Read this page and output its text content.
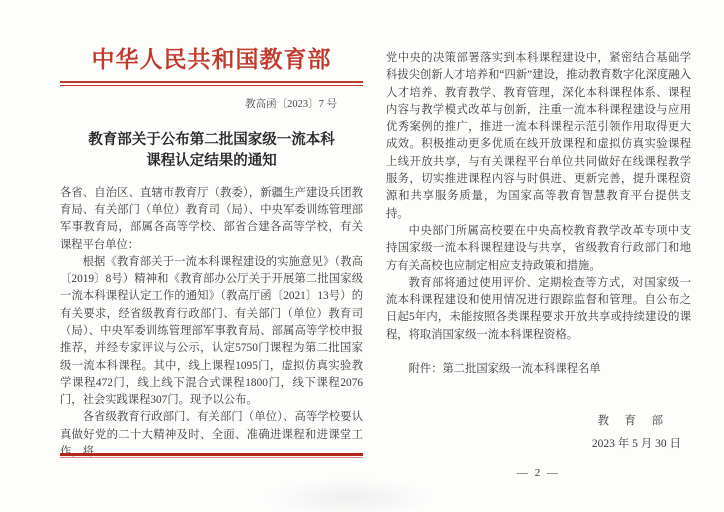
中华人民共和国教育部
教高函〔2023〕7 号
教育部关于公布第二批国家级一流本科
课程认定结果的通知

各省、自治区、直辖市教育厅（教委），新疆生产建设兵团教育局、有关部门（单位）教育司（局）、中央军委训练管理部军事教育局，部属各高等学校、部省合建各高等学校，有关课程平台单位：

根据《教育部关于一流本科课程建设的实施意见》（教高〔2019〕8号）精神和《教育部办公厅关于开展第二批国家级一流本科课程认定工作的通知》（教高厅函〔2021〕13号）的有关要求，经省级教育行政部门、有关部门（单位）教育司（局）、中央军委训练管理部军事教育局、部属高等学校申报推荐，并经专家评议与公示，认定5750门课程为第二批国家级一流本科课程。其中，线上课程1095门，虚拟仿真实验教学课程472门，线上线下混合式课程1800门，线下课程2076门，社会实践课程307门。现予以公布。

各省级教育行政部门、有关部门（单位）、高等学校要认真做好党的二十大精神及时、全面、准确进课程和进课堂工作，将

党中央的决策部署落实到本科课程建设中，紧密结合基础学科拔尖创新人才培养和“四新”建设，推动教育数字化深度融入人才培养、教育教学、教育管理，深化本科课程体系、课程内容与教学模式改革与创新，注重一流本科课程建设与应用优秀案例的推广，推进一流本科课程示范引领作用取得更大成效。积极推动更多优质在线开放课程和虚拟仿真实验课程上线开放共享，与有关课程平台单位共同做好在线课程教学服务，切实推进课程内容与时俱进、更新完善，提升课程资源和共享服务质量，为国家高等教育智慧教育平台提供支持。

中央部门所属高校要在中央高校教育教学改革专项中支持国家级一流本科课程建设与共享，省级教育行政部门和地方有关高校也应制定相应支持政策和措施。

教育部将通过使用评价、定期检查等方式，对国家级一流本科课程建设和使用情况进行跟踪监督和管理。自公布之日起5年内，未能按照各类课程要求开放共享或持续建设的课程，将取消国家级一流本科课程资格。

附件：第二批国家级一流本科课程名单

教　育　部
2023 年 5 月 30 日
— 2 —
